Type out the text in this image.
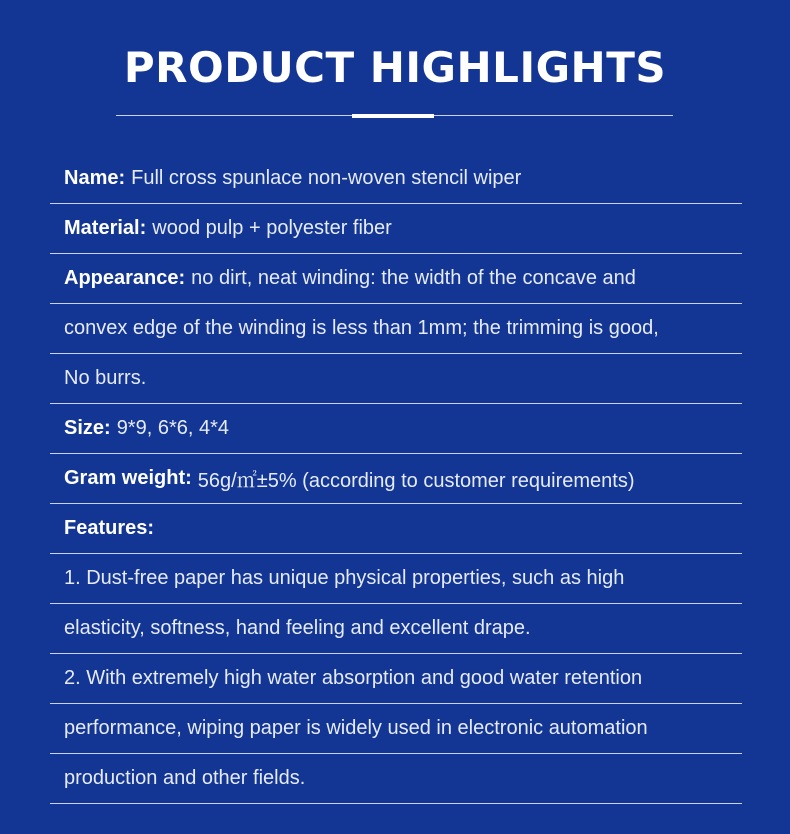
PRODUCT HIGHLIGHTS
Name: Full cross spunlace non-woven stencil wiper
Material: wood pulp + polyester fiber
Appearance: no dirt, neat winding: the width of the concave and
convex edge of the winding is less than 1mm; the trimming is good,
No burrs.
Size: 9*9, 6*6, 4*4
Gram weight: 56g/㎡±5% (according to customer requirements)
Features:
1. Dust-free paper has unique physical properties, such as high
elasticity, softness, hand feeling and excellent drape.
2. With extremely high water absorption and good water retention
performance, wiping paper is widely used in electronic automation
production and other fields.
